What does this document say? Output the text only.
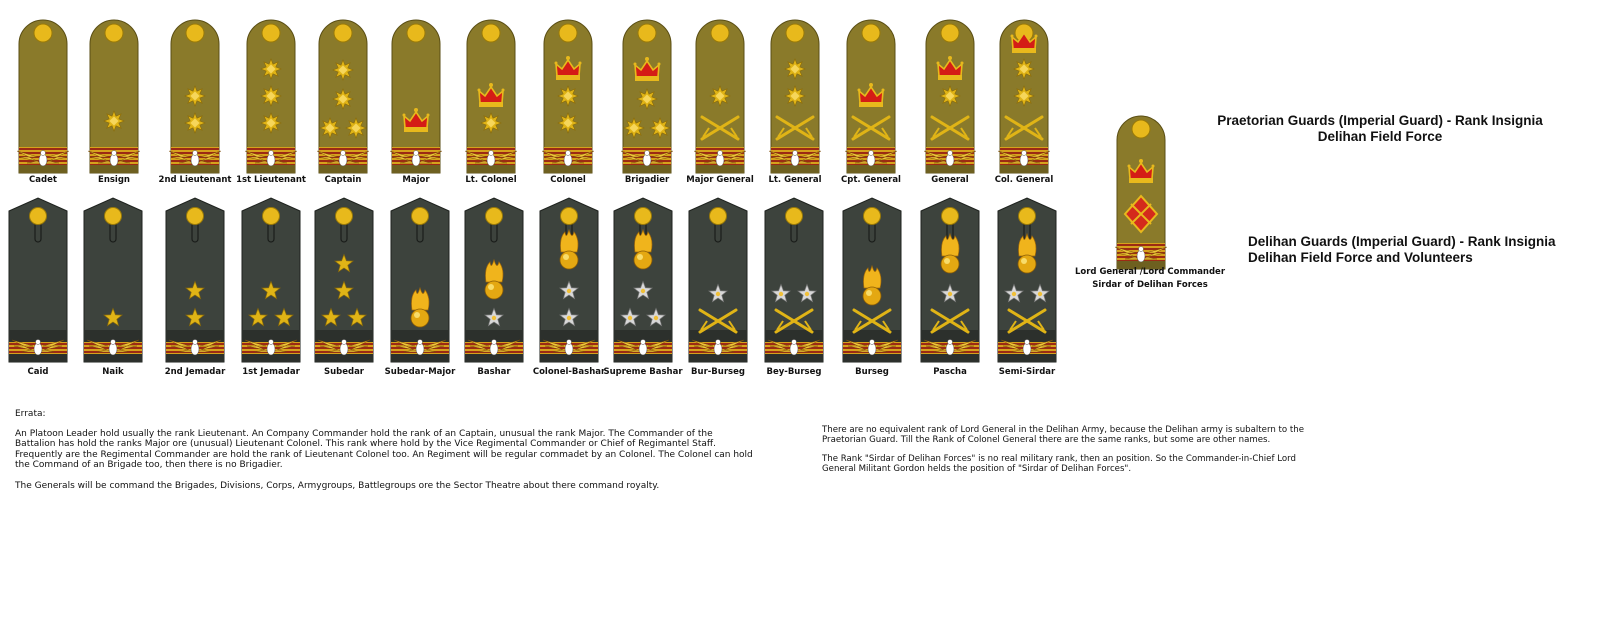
Cadet	Ensign	2nd Lieutenant 1st Lieutenant	Captain	Major	Lt. Colonel	Colonel	Brigadier	Major General	Lt. General	Cpt. General	General	Col. General
Caid	Naik	2nd Jemadar	1st Jemadar	Subedar	Subedar-Major	Bashar	Colonel-Bashar
Supreme Bashar	Bur-Burseg	Bey-Burseg	Burseg	Pascha	Semi-Sirdar
Lord General /Lord Commander
Sirdar of Delihan Forces
Praetorian Guards (Imperial Guard) - Rank Insignia
Delihan Field Force
Delihan Guards (Imperial Guard) - Rank Insignia
Delihan Field Force and Volunteers
Errata:

An Platoon Leader hold usually the rank Lieutenant. An Company Commander hold the rank of an Captain, unusual the rank Major. The Commander of the Battalion has hold the ranks Major ore (unusual) Lieutenant Colonel. This rank where hold by the Vice Regimental Commander or Chief of Regimantel Staff. Frequently are the Regimental Commander are hold the rank of Lieutenant Colonel too. An Regiment will be regular commadet by an Colonel. The Colonel can hold the Command of an Brigade too, then there is no Brigadier.

The Generals will be command the Brigades, Divisions, Corps, Armygroups, Battlegroups ore the Sector Theatre about there command royalty.

There are no equivalent rank of Lord General in the Delihan Army, because the Delihan army is subaltern to the Praetorian Guard. Till the Rank of Colonel General there are the same ranks, but some are other names.

The Rank "Sirdar of Delihan Forces" is no real military rank, then an position. So the Commander-in-Chief Lord General Militant Gordon helds the position of "Sirdar of Delihan Forces".
